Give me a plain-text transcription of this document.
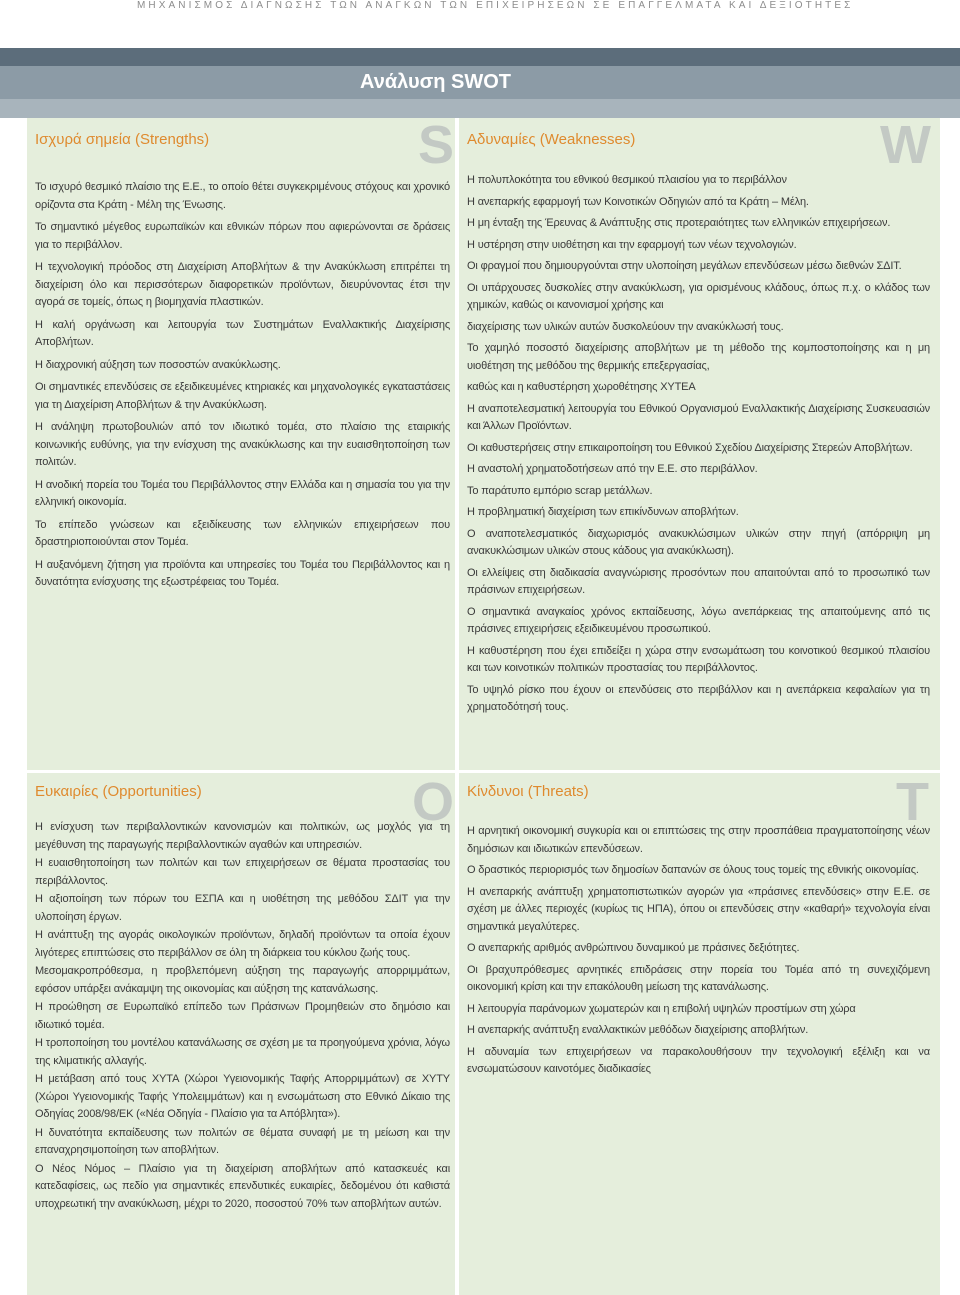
ΜΗΧΑΝΙΣΜΟΣ ΔΙΑΓΝΩΣΗΣ ΤΩΝ ΑΝΑΓΚΩΝ ΤΩΝ ΕΠΙΧΕΙΡΗΣΕΩΝ ΣΕ ΕΠΑΓΓΕΛΜΑΤΑ ΚΑΙ ΔΕΞΙΟΤΗΤΕΣ
Ανάλυση SWOT
S
Ισχυρά σημεία (Strengths)

Το ισχυρό θεσμικό πλαίσιο της Ε.Ε., το οποίο θέτει συγκεκριμένους στόχους και χρονικό ορίζοντα στα Κράτη - Μέλη της Ένωσης.

Το σημαντικό μέγεθος ευρωπαϊκών και εθνικών πόρων που αφιερώνονται σε δράσεις για το περιβάλλον.

Η τεχνολογική πρόοδος στη Διαχείριση Αποβλήτων & την Ανακύκλωση επιτρέπει τη διαχείριση όλο και περισσότερων διαφορετικών προϊόντων, διευρύνοντας έτσι την αγορά σε τομείς, όπως η βιομηχανία πλαστικών.

Η καλή οργάνωση και λειτουργία των Συστημάτων Εναλλακτικής Διαχείρισης Αποβλήτων.

Η διαχρονική αύξηση των ποσοστών ανακύκλωσης.

Οι σημαντικές επενδύσεις σε εξειδικευμένες κτηριακές και μηχανολογικές εγκαταστάσεις για τη Διαχείριση Αποβλήτων & την Ανακύκλωση.

Η ανάληψη πρωτοβουλιών από τον ιδιωτικό τομέα, στο πλαίσιο της εταιρικής κοινωνικής ευθύνης, για την ενίσχυση της ανακύκλωσης και την ευαισθητοποίηση των πολιτών.

Η ανοδική πορεία του Τομέα του Περιβάλλοντος στην Ελλάδα και η σημασία του για την ελληνική οικονομία.

Το επίπεδο γνώσεων και εξειδίκευσης των ελληνικών επιχειρήσεων που δραστηριοποιούνται στον Τομέα.

Η αυξανόμενη ζήτηση για προϊόντα και υπηρεσίες του Τομέα του Περιβάλλοντος και η δυνατότητα ενίσχυσης της εξωστρέφειας του Τομέα.

W
Αδυναμίες (Weaknesses)

Η πολυπλοκότητα του εθνικού θεσμικού πλαισίου για το περιβάλλον

Η ανεπαρκής εφαρμογή των Κοινοτικών Οδηγιών από τα Κράτη – Μέλη.

Η μη ένταξη της Έρευνας & Ανάπτυξης στις προτεραιότητες των ελληνικών επιχειρήσεων.

Η υστέρηση στην υιοθέτηση και την εφαρμογή των νέων τεχνολογιών.

Οι φραγμοί που δημιουργούνται στην υλοποίηση μεγάλων επενδύσεων μέσω διεθνών ΣΔΙΤ.

Οι υπάρχουσες δυσκολίες στην ανακύκλωση, για ορισμένους κλάδους, όπως π.χ. ο κλάδος των χημικών, καθώς οι κανονισμοί χρήσης και

διαχείρισης των υλικών αυτών δυσκολεύουν την ανακύκλωσή τους.

Το χαμηλό ποσοστό διαχείρισης αποβλήτων με τη μέθοδο της κομποστοποίησης και η μη υιοθέτηση της μεθόδου της θερμικής επεξεργασίας,

καθώς και η καθυστέρηση χωροθέτησης ΧΥΤΕΑ

Η αναποτελεσματική λειτουργία του Εθνικού Οργανισμού Εναλλακτικής Διαχείρισης Συσκευασιών και Άλλων Προϊόντων.

Οι καθυστερήσεις στην επικαιροποίηση του Εθνικού Σχεδίου Διαχείρισης Στερεών Αποβλήτων.

Η αναστολή χρηματοδοτήσεων από την Ε.Ε. στο περιβάλλον.

Το παράτυπο εμπόριο scrap μετάλλων.

Η προβληματική διαχείριση των επικίνδυνων αποβλήτων.

Ο αναποτελεσματικός διαχωρισμός ανακυκλώσιμων υλικών στην πηγή (απόρριψη μη ανακυκλώσιμων υλικών στους κάδους για ανακύκλωση).

Οι ελλείψεις στη διαδικασία αναγνώρισης προσόντων που απαιτούνται από το προσωπικό των πράσινων επιχειρήσεων.

Ο σημαντικά αναγκαίος χρόνος εκπαίδευσης, λόγω ανεπάρκειας της απαιτούμενης από τις πράσινες επιχειρήσεις εξειδικευμένου προσωπικού.

Η καθυστέρηση που έχει επιδείξει η χώρα στην ενσωμάτωση του κοινοτικού θεσμικού πλαισίου και των κοινοτικών πολιτικών προστασίας του περιβάλλοντος.

Το υψηλό ρίσκο που έχουν οι επενδύσεις στο περιβάλλον και η ανεπάρκεια κεφαλαίων για τη χρηματοδότησή τους.

O
Ευκαιρίες (Opportunities)

Η ενίσχυση των περιβαλλοντικών κανονισμών και πολιτικών, ως μοχλός για τη μεγέθυνση της παραγωγής περιβαλλοντικών αγαθών και υπηρεσιών.

Η ευαισθητοποίηση των πολιτών και των επιχειρήσεων σε θέματα προστασίας του περιβάλλοντος.

Η αξιοποίηση των πόρων του ΕΣΠΑ και η υιοθέτηση της μεθόδου ΣΔΙΤ για την υλοποίηση έργων.

Η ανάπτυξη της αγοράς οικολογικών προϊόντων, δηλαδή προϊόντων τα οποία έχουν λιγότερες επιπτώσεις στο περιβάλλον σε όλη τη διάρκεια του κύκλου ζωής τους.

Μεσομακροπρόθεσμα, η προβλεπόμενη αύξηση της παραγωγής απορριμμάτων, εφόσον υπάρξει ανάκαμψη της οικονομίας και αύξηση της κατανάλωσης.

Η προώθηση σε Ευρωπαϊκό επίπεδο των Πράσινων Προμηθειών στο δημόσιο και ιδιωτικό τομέα.

Η τροποποίηση του μοντέλου κατανάλωσης σε σχέση με τα προηγούμενα χρόνια, λόγω της κλιματικής αλλαγής.

Η μετάβαση από τους ΧΥΤΑ (Χώροι Υγειονομικής Ταφής Απορριμμάτων) σε ΧΥΤΥ (Χώροι Υγειονομικής Ταφής Υπολειμμάτων) και η ενσωμάτωση στο Εθνικό Δίκαιο της Οδηγίας 2008/98/ΕΚ («Νέα Οδηγία - Πλαίσιο για τα Απόβλητα»).

Η δυνατότητα εκπαίδευσης των πολιτών σε θέματα συναφή με τη μείωση και την επαναχρησιμοποίηση των αποβλήτων.

Ο Νέος Νόμος – Πλαίσιο για τη διαχείριση αποβλήτων από κατασκευές και κατεδαφίσεις, ως πεδίο για σημαντικές επενδυτικές ευκαιρίες, δεδομένου ότι καθιστά υποχρεωτική την ανακύκλωση, μέχρι το 2020, ποσοστού 70% των αποβλήτων αυτών.

T
Κίνδυνοι (Threats)

Η αρνητική οικονομική συγκυρία και οι επιπτώσεις της στην προσπάθεια πραγματοποίησης νέων δημόσιων και ιδιωτικών επενδύσεων.

Ο δραστικός περιορισμός των δημοσίων δαπανών σε όλους τους τομείς της εθνικής οικονομίας.

Η ανεπαρκής ανάπτυξη χρηματοπιστωτικών αγορών για «πράσινες επενδύσεις» στην Ε.Ε. σε σχέση με άλλες περιοχές (κυρίως τις ΗΠΑ), όπου οι επενδύσεις στην «καθαρή» τεχνολογία είναι σημαντικά μεγαλύτερες.

Ο ανεπαρκής αριθμός ανθρώπινου δυναμικού με πράσινες δεξιότητες.

Οι βραχυπρόθεσμες αρνητικές επιδράσεις στην πορεία του Τομέα από τη συνεχιζόμενη οικονομική κρίση και την επακόλουθη μείωση της κατανάλωσης.

Η λειτουργία παράνομων χωματερών και η επιβολή υψηλών προστίμων στη χώρα

Η ανεπαρκής ανάπτυξη εναλλακτικών μεθόδων διαχείρισης αποβλήτων.

Η αδυναμία των επιχειρήσεων να παρακολουθήσουν την τεχνολογική εξέλιξη και να ενσωματώσουν καινοτόμες διαδικασίες
